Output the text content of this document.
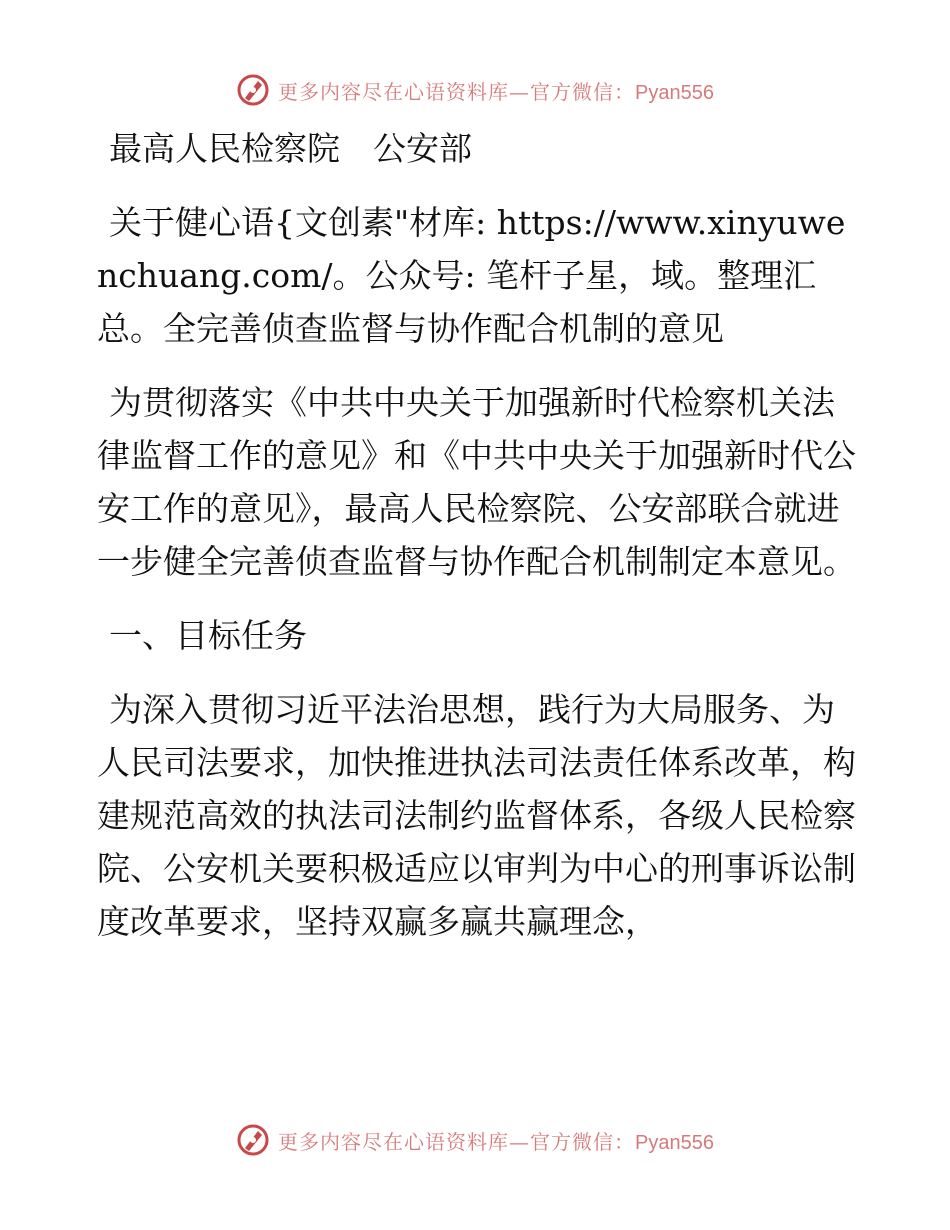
更多内容尽在心语资料库—官方微信：Pyan556

最高人民检察院　公安部

关于健心语{文创素"材库: https://www.xinyuwenchuang.com/。公众号: 笔杆子星，域。整理汇总。全完善侦查监督与协作配合机制的意见

为贯彻落实《中共中央关于加强新时代检察机关法律监督工作的意见》和《中共中央关于加强新时代公安工作的意见》，最高人民检察院、公安部联合就进一步健全完善侦查监督与协作配合机制制定本意见。

一、目标任务

为深入贯彻习近平法治思想，践行为大局服务、为人民司法要求，加快推进执法司法责任体系改革，构建规范高效的执法司法制约监督体系，各级人民检察院、公安机关要积极适应以审判为中心的刑事诉讼制度改革要求，坚持双赢多赢共赢理念，

更多内容尽在心语资料库—官方微信：Pyan556
